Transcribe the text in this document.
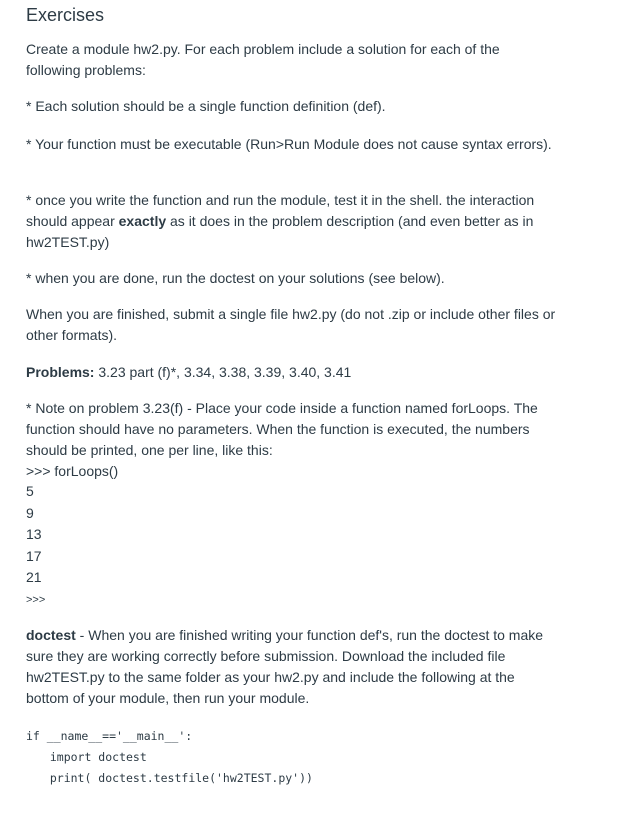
Exercises
Create a module hw2.py. For each problem include a solution for each of the
following problems:
* Each solution should be a single function definition (def).
* Your function must be executable (Run>Run Module does not cause syntax errors).
* once you write the function and run the module, test it in the shell. the interaction
should appear exactly as it does in the problem description (and even better as in
hw2TEST.py)
* when you are done, run the doctest on your solutions (see below).
When you are finished, submit a single file hw2.py (do not .zip or include other files or
other formats).
Problems: 3.23 part (f)*, 3.34, 3.38, 3.39, 3.40, 3.41
* Note on problem 3.23(f) - Place your code inside a function named forLoops. The
function should have no parameters. When the function is executed, the numbers
should be printed, one per line, like this:
>>> forLoops()
5
9
13
17
21
>>>
doctest - When you are finished writing your function def's, run the doctest to make
sure they are working correctly before submission. Download the included file
hw2TEST.py to the same folder as your hw2.py and include the following at the
bottom of your module, then run your module.
if __name__=='__main__':
import doctest
print( doctest.testfile('hw2TEST.py'))
